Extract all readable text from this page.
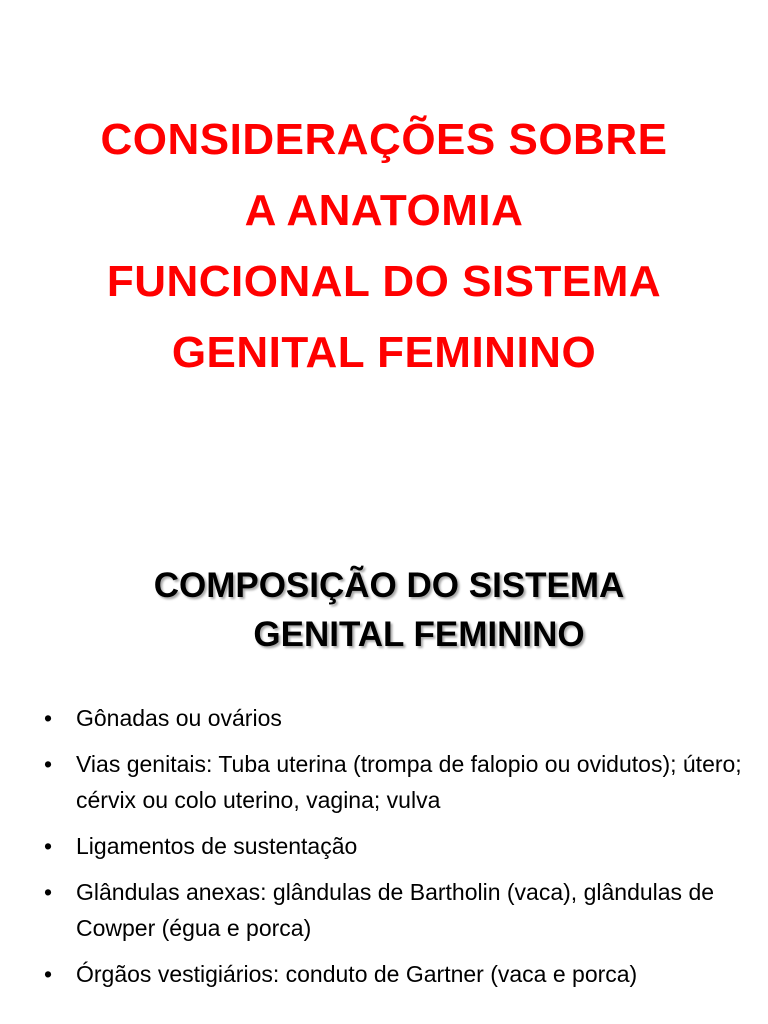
CONSIDERAÇÕES SOBRE
A ANATOMIA
FUNCIONAL DO SISTEMA
GENITAL FEMININO
COMPOSIÇÃO DO SISTEMA
GENITAL FEMININO
• Gônadas ou ovários
• Vias genitais: Tuba uterina (trompa de falopio ou ovidutos); útero; cérvix ou colo uterino, vagina; vulva
• Ligamentos de sustentação
• Glândulas anexas: glândulas de Bartholin (vaca), glândulas de Cowper (égua e porca)
• Órgãos vestigiários: conduto de Gartner (vaca e porca)
